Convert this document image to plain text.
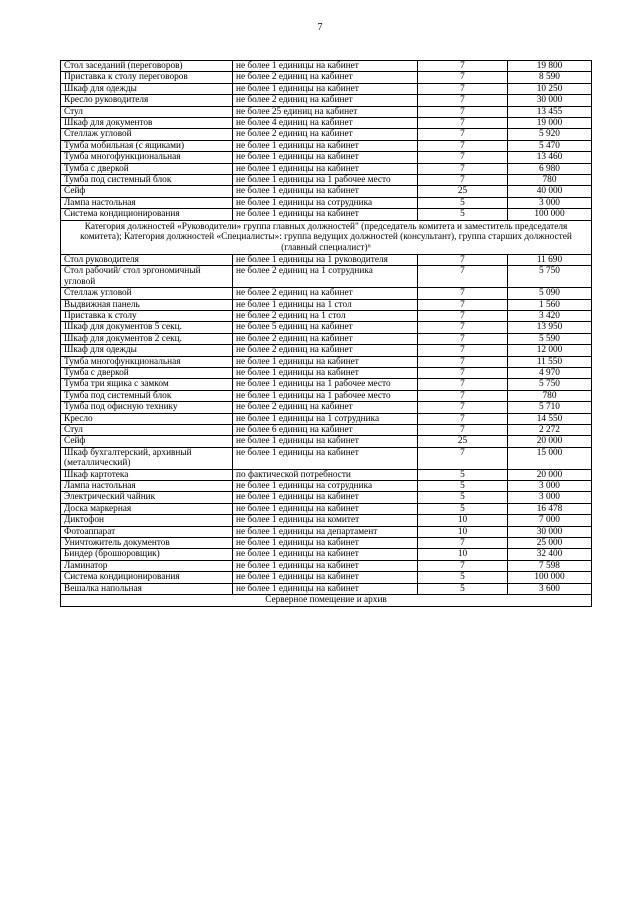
7
Стол заседаний (переговоров)	не более 1 единицы на кабинет	7	19 800
Приставка к столу переговоров	не более 2 единиц на кабинет	7	8 590
Шкаф для одежды	не более 1 единицы на кабинет	7	10 250
Кресло руководителя	не более 2 единиц на кабинет	7	30 000
Стул	не более 25 единиц на кабинет	7	13 455
Шкаф для документов	не более 4 единиц на кабинет	7	19 000
Стеллаж угловой	не более 2 единиц на кабинет	7	5 920
Тумба мобильная (с ящиками)	не более 1 единицы на кабинет	7	5 470
Тумба многофункциональная	не более 1 единицы на кабинет	7	13 460
Тумба с дверкой	не более 1 единицы на кабинет	7	6 980
Тумба под системный блок	не более 1 единицы на 1 рабочее место	7	780
Сейф	не более 1 единицы на кабинет	25	40 000
Лампа настольная	не более 1 единицы на сотрудника	5	3 000
Система кондиционирования	не более 1 единицы на кабинет	5	100 000
Категория должностей «Руководители» группа главных должностей" (председатель комитета и заместитель председателя комитета); Категория должностей «Специалисты»: группа ведущих должностей (консультант), группа старших должностей (главный специалист)⁶			
Стол руководителя	не более 1 единицы на 1 руководителя	7	11 690
Стол рабочий/ стол эргономичный угловой	не более 2 единиц на 1 сотрудника	7	5 750
Стеллаж угловой	не более 2 единиц на кабинет	7	5 090
Выдвижная панель	не более 1 единицы на 1 стол	7	1 560
Приставка к столу	не более 2 единиц на 1 стол	7	3 420
Шкаф для документов 5 секц.	не более 5 единиц на кабинет	7	13 950
Шкаф для документов 2 секц.	не более 2 единиц на кабинет	7	5 590
Шкаф для одежды	не более 2 единиц на кабинет	7	12 000
Тумба многофункциональная	не более 1 единицы на кабинет	7	11 550
Тумба с дверкой	не более 1 единицы на кабинет	7	4 970
Тумба три ящика с замком	не более 1 единицы на 1 рабочее место	7	5 750
Тумба под системный блок	не более 1 единицы на 1 рабочее место	7	780
Тумба под офисную технику	не более 2 единиц на кабинет	7	5 710
Кресло	не более 1 единицы на 1 сотрудника	7	14 550
Стул	не более 6 единиц на кабинет	7	2 272
Сейф	не более 1 единицы на кабинет	25	20 000
Шкаф бухгалтерский, архивный (металлический)	не более 1 единицы на кабинет	7	15 000
Шкаф картотека	по фактической потребности	5	20 000
Лампа настольная	не более 1 единицы на сотрудника	5	3 000
Электрический чайник	не более 1 единицы на кабинет	5	3 000
Доска маркерная	не более 1 единицы на кабинет	5	16 478
Диктофон	не более 1 единицы на комитет	10	7 000
Фотоаппарат	не более 1 единицы на департамент	10	30 000
Уничтожитель документов	не более 1 единицы на кабинет	7	25 000
Биндер (брошюровщик)	не более 1 единицы на кабинет	10	32 400
Ламинатор	не более 1 единицы на кабинет	7	7 598
Система кондиционирования	не более 1 единицы на кабинет	5	100 000
Вешалка напольная	не более 1 единицы на кабинет	5	3 600
Серверное помещение и архив			
